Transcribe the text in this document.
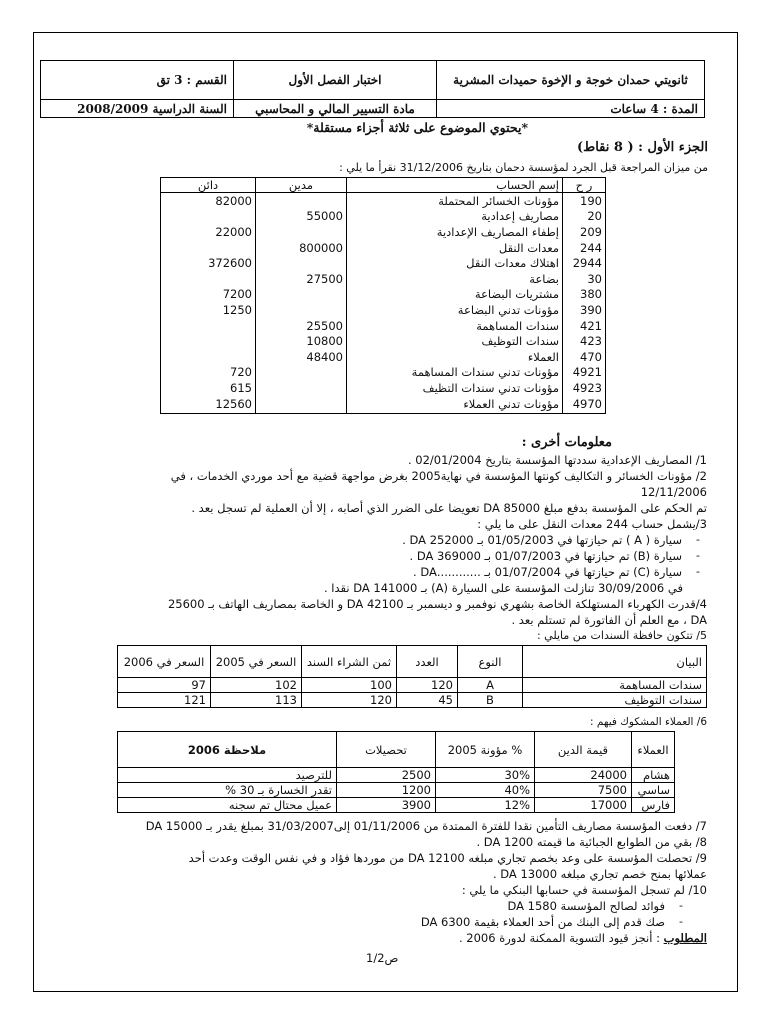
ثانويتي حمدان خوجة و الإخوة حميدات المشرية	اختبار الفصل الأول	القسم : 3 تق
المدة : 4 ساعات	مادة التسيير المالي و المحاسبي	السنة الدراسية 2008/2009
*يحتوي الموضوع على ثلاثة أجزاء مستقلة*
الجزء الأول : ( 8 نقاط)
من ميزان المراجعة قبل الجرد لمؤسسة دحمان بتاريخ 31/12/2006 نقرأ ما يلي :
دائن	مدين	إسم الحساب	ر ح
82000		مؤونات الخسائر المحتملة	190
	55000	مصاريف إعدادية	20
22000		إطفاء المصاريف الإعدادية	209
	800000	معدات النقل	244
372600		اهتلاك معدات النقل	2944
	27500	بضاعة	30
7200		مشتريات البضاعة	380
1250		مؤونات تدني البضاعة	390
	25500	سندات المساهمة	421
	10800	سندات التوظيف	423
	48400	العملاء	470
720		مؤونات تدني سندات المساهمة	4921
615		مؤونات تدني سندات التظيف	4923
12560		مؤونات تدني العملاء	4970
معلومات أخرى :
1/ المصاريف الإعدادية سددتها المؤسسة بتاريخ 02/01/2004 .
2/ مؤونات الخسائر و التكاليف كونتها المؤسسة في نهاية2005 بغرض مواجهة قضية مع أحد موردي الخدمات ، في
12/11/2006
تم الحكم على المؤسسة بدفع مبلغ DA 85000 تعويضا على الضرر الذي أصابه ، إلا أن العملية لم تسجل بعد .
3/يشمل حساب 244 معدات النقل على ما يلي :
-
سيارة ( A ) تم حيازتها في 01/05/2003 بـ DA 252000 .
-
سيارة (B) تم حيازتها في 01/07/2003 بـ DA 369000 .
-
سيارة (C) تم حيازتها في 01/07/2004 بـ ............DA .
في 30/09/2006 تنازلت المؤسسة على السيارة (A) بـ DA 141000 نقدا .
4/قدرت الكهرباء المستهلكة الخاصة بشهري نوفمبر و ديسمبر بـ DA 42100 و الخاصة بمصاريف الهاتف بـ 25600
DA ، مع العلم أن الفاتورة لم تستلم بعد .
5/ تتكون حافظة السندات من مايلي :
السعر في 2006	السعر في 2005	ثمن الشراء السند	العدد	النوع	البيان
97	102	100	120	A	سندات المساهمة
121	113	120	45	B	سندات التوظيف
6/ العملاء المشكوك فيهم :
ملاحظة 2006	تحصيلات	% مؤونة 2005	قيمة الدين	العملاء
للترصيد	2500	30%	24000	هشام
تقدر الخسارة بـ 30 %	1200	40%	7500	ساسي
عميل محتال تم سجنه	3900	12%	17000	فارس
7/ دفعت المؤسسة مصاريف التأمين نقدا للفترة الممتدة من 01/11/2006 إلى31/03/2007 بمبلغ يقدر بـ DA 15000
8/ بقي من الطوابع الجبائية ما قيمته DA 1200 .
9/ تحصلت المؤسسة على وعد بخصم تجاري مبلغه DA 12100 من موردها فؤاد و في نفس الوقت وعدت أحد
عملائها بمنح خصم تجاري مبلغه DA 13000 .
10/ لم تسجل المؤسسة في حسابها البنكي ما يلي :
-
فوائد لصالح المؤسسة DA 1580
-
صك قدم إلى البنك من أحد العملاء بقيمة DA 6300
المطلوب : أنجز قيود التسوية الممكنة لدورة 2006 .
ص1/2
